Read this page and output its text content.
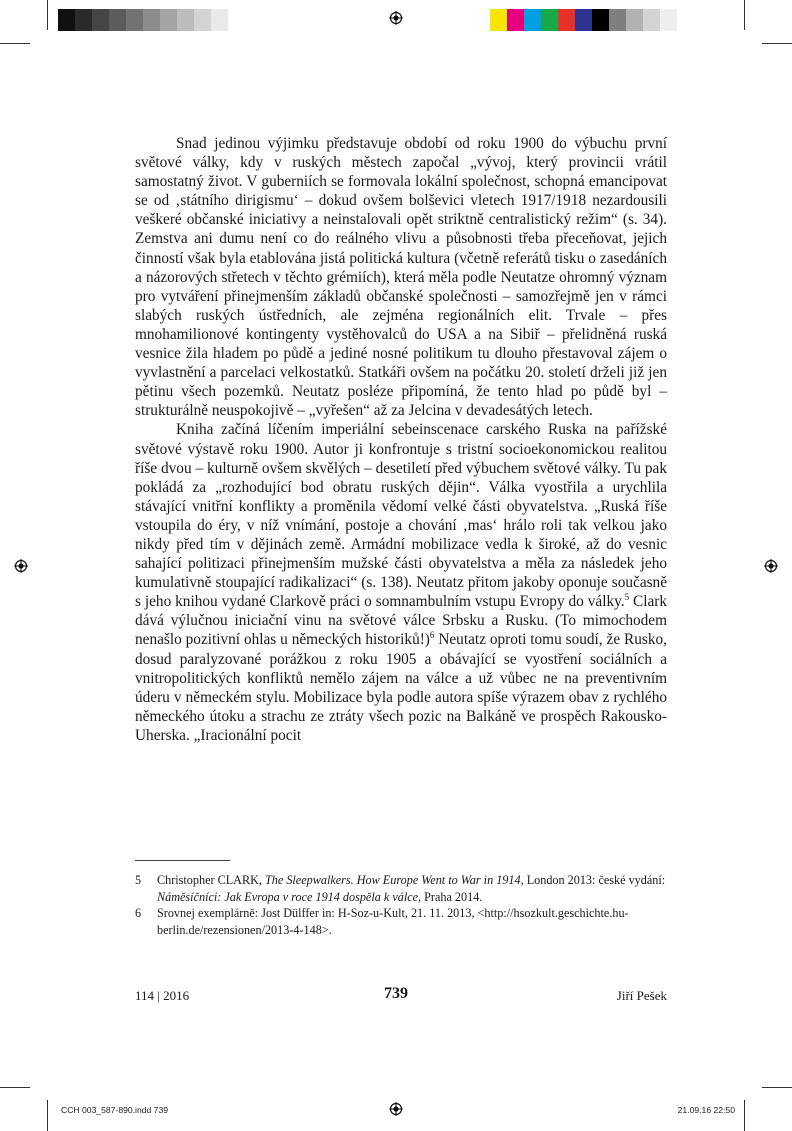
Snad jedinou výjimku představuje období od roku 1900 do výbuchu první světové války, kdy v ruských městech započal „vývoj, který provincii vrátil samostatný život. V guberniích se formovala lokální společnost, schopná emancipovat se od ‚státního dirigismu‘ – dokud ovšem bolševici vletech 1917/1918 nezardousili veškeré občanské iniciativy a neinstalovali opět striktně centralistický režim“ (s. 34). Zemstva ani dumu není co do reálného vlivu a působnosti třeba přeceňovat, jejich činností však byla etablována jistá politická kultura (včetně referátů tisku o zasedáních a názorových střetech v těchto grémiích), která měla podle Neutatze ohromný význam pro vytváření přinejmenším základů občanské společnosti – samozřejmě jen v rámci slabých ruských ústředních, ale zejména regionálních elit. Trvale – přes mnohamilionové kontingenty vystěhovalců do USA a na Sibiř – přelidněná ruská vesnice žila hladem po půdě a jediné nosné politikum tu dlouho přestavoval zájem o vyvlastnění a parcelaci velkostatků. Statkáři ovšem na počátku 20. století drželi již jen pětinu všech pozemků. Neutatz posléze připomíná, že tento hlad po půdě byl – strukturálně neuspokojivě – „vyřešen“ až za Jelcina v devadesátých letech.

Kniha začíná líčením imperiální sebeinscenace carského Ruska na pařížské světové výstavě roku 1900. Autor ji konfrontuje s tristní socioekonomickou realitou říše dvou – kulturně ovšem skvělých – desetiletí před výbuchem světové války. Tu pak pokládá za „rozhodující bod obratu ruských dějin“. Válka vyostřila a urychlila stávající vnitřní konflikty a proměnila vědomí velké části obyvatelstva. „Ruská říše vstoupila do éry, v níž vnímání, postoje a chování ‚mas‘ hrálo roli tak velkou jako nikdy před tím v dějinách země. Armádní mobilizace vedla k široké, až do vesnic sahající politizaci přinejmenším mužské části obyvatelstva a měla za následek jeho kumulativně stoupající radikalizaci“ (s. 138). Neutatz přitom jakoby oponuje současně s jeho knihou vydané Clarkově práci o somnambulním vstupu Evropy do války.$^5$ Clark dává výlučnou iniciační vinu na světové válce Srbsku a Rusku. (To mimochodem nenašlo pozitivní ohlas u německých historiků!)$^6$ Neutatz oproti tomu soudí, že Rusko, dosud paralyzované porážkou z roku 1905 a obávající se vyostření sociálních a vnitropolitických konfliktů nemělo zájem na válce a už vůbec ne na preventivním úderu v německém stylu. Mobilizace byla podle autora spíše výrazem obav z rychlého německého útoku a strachu ze ztráty všech pozic na Balkáně ve prospěch Rakousko-Uherska. „Iracionální pocit

5	Christopher CLARK, The Sleepwalkers. How Europe Went to War in 1914, London 2013: české vydání: Náměsíčníci: Jak Evropa v roce 1914 dospěla k válce, Praha 2014.
6	Srovnej exemplárně: Jost Dülffer in: H-Soz-u-Kult, 21. 11. 2013, <http://hsozkult.geschichte.hu-berlin.de/rezensionen/2013-4-148>.
114 | 2016	739	Jiří Pešek
CCH 003_587-890.indd 739	21.09.16 22:50
